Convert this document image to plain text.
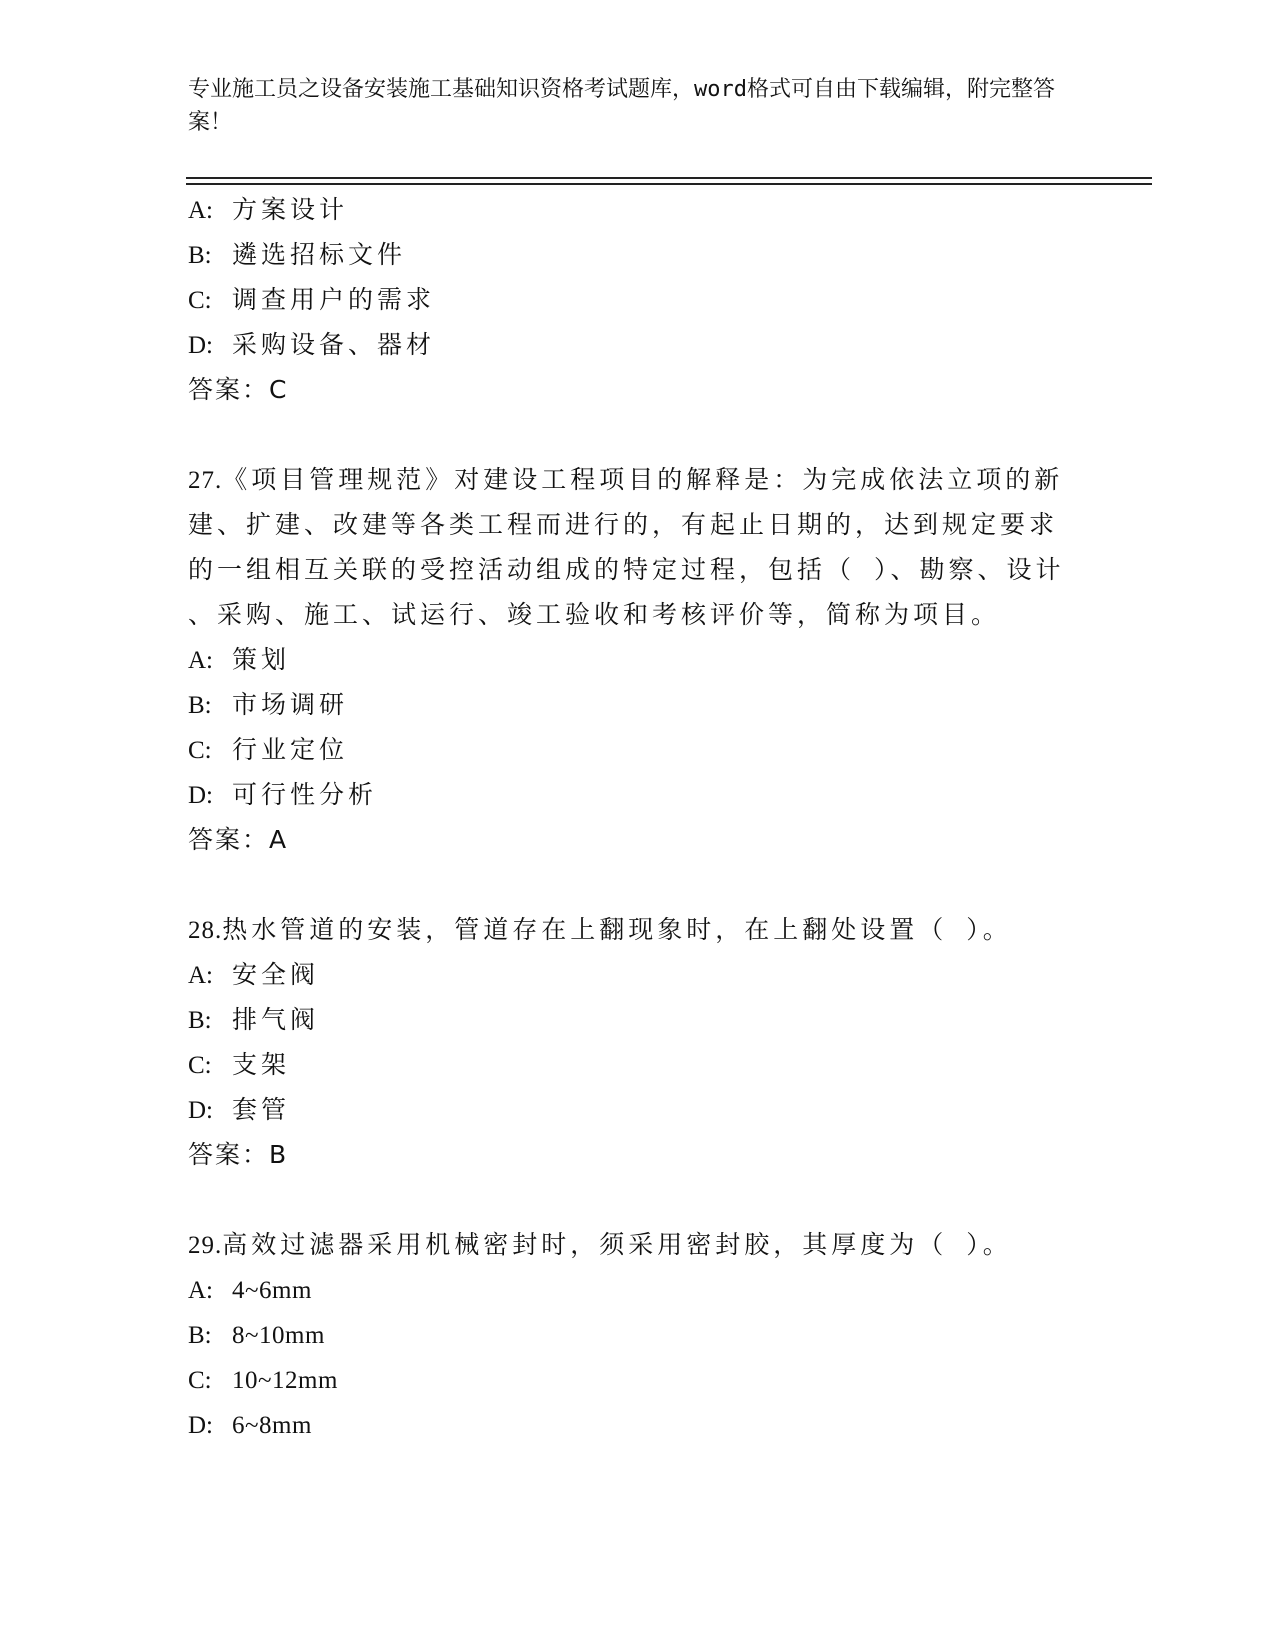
专业施工员之设备安装施工基础知识资格考试题库，word格式可自由下载编辑，附完整答案！
A: 方案设计
B: 遴选招标文件
C: 调查用户的需求
D: 采购设备、器材
答案：C
27.《项目管理规范》对建设工程项目的解释是：为完成依法立项的新
建、扩建、改建等各类工程而进行的，有起止日期的，达到规定要求
的一组相互关联的受控活动组成的特定过程，包括（ ）、勘察、设计
、采购、施工、试运行、竣工验收和考核评价等，简称为项目。
A: 策划
B: 市场调研
C: 行业定位
D: 可行性分析
答案：A
28.热水管道的安装，管道存在上翻现象时，在上翻处设置（ ）。
A: 安全阀
B: 排气阀
C: 支架
D: 套管
答案：B
29.高效过滤器采用机械密封时，须采用密封胶，其厚度为（ ）。
A: 4~6mm
B: 8~10mm
C: 10~12mm
D: 6~8mm
